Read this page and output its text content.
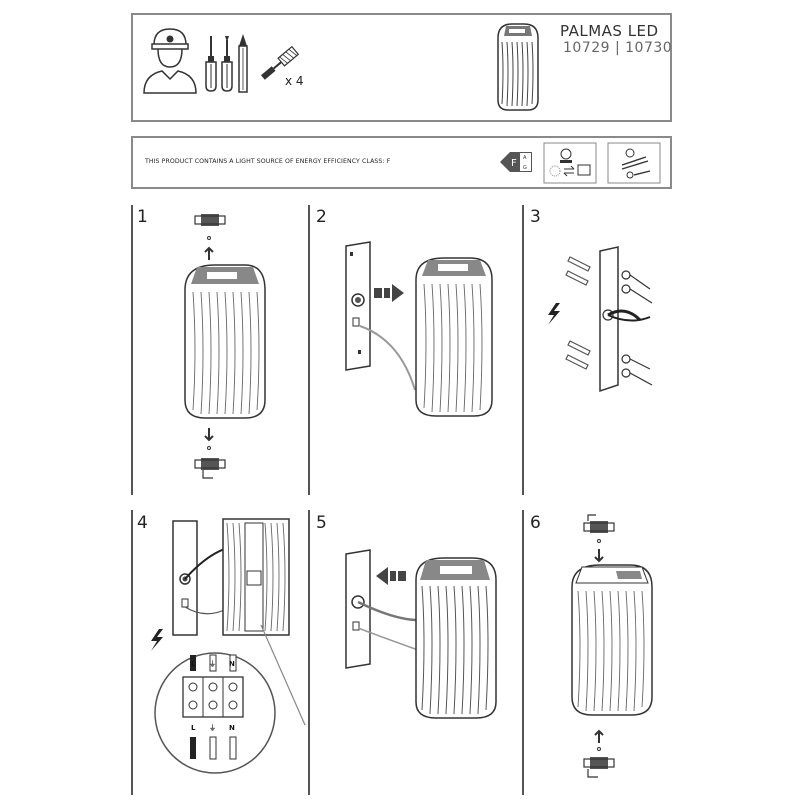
x 4
PALMAS LED
10729 | 10730
THIS PRODUCT CONTAINS A LIGHT SOURCE OF ENERGY EFFICIENCY CLASS: F	A
G
F
1	2	3
4	5	6
L ⏚ N
L ⏚ N
